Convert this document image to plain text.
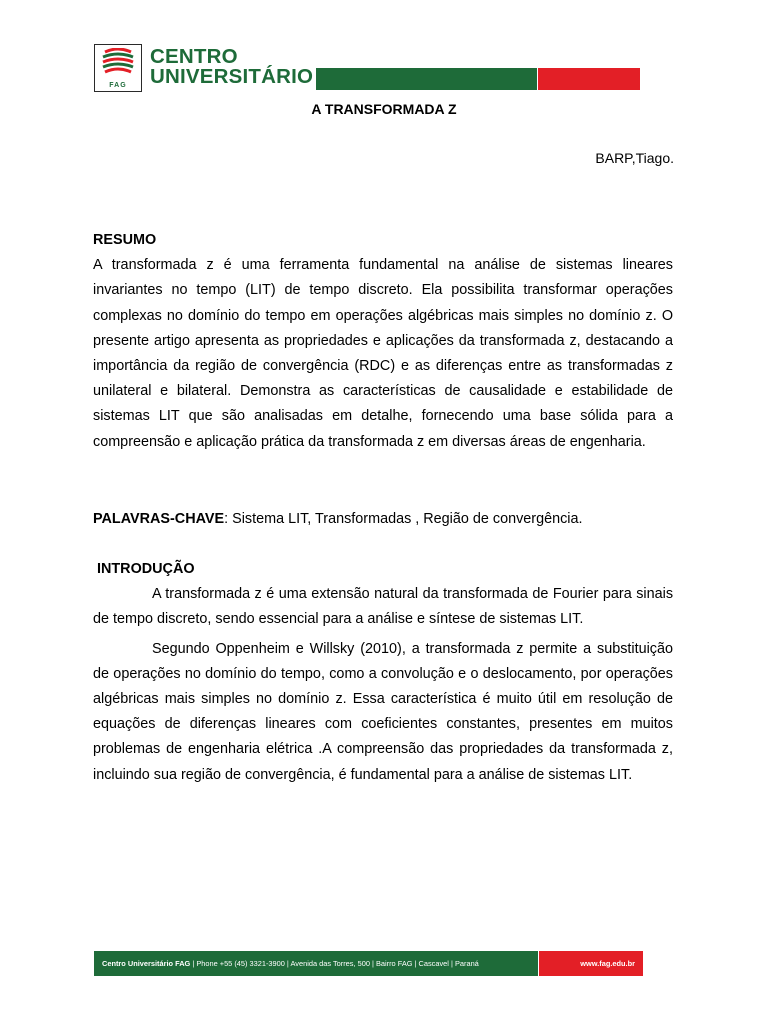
FAG
CENTRO
UNIVERSITÁRIO
A TRANSFORMADA Z
BARP,Tiago.
RESUMO
A transformada z é uma ferramenta fundamental na análise de sistemas lineares invariantes no tempo (LIT) de tempo discreto. Ela possibilita transformar operações complexas no domínio do tempo em operações algébricas mais simples no domínio z. O presente artigo apresenta as propriedades e aplicações da transformada z, destacando a importância da região de convergência (RDC) e as diferenças entre as transformadas z unilateral e bilateral. Demonstra as características de causalidade e estabilidade de sistemas LIT que são analisadas em detalhe, fornecendo uma base sólida para a compreensão e aplicação prática da transformada z em diversas áreas de engenharia.
PALAVRAS-CHAVE: Sistema LIT, Transformadas , Região de convergência.
INTRODUÇÃO
A transformada z é uma extensão natural da transformada de Fourier para sinais de tempo discreto, sendo essencial para a análise e síntese de sistemas LIT.
Segundo Oppenheim e Willsky (2010), a transformada z permite a substituição de operações no domínio do tempo, como a convolução e o deslocamento, por operações algébricas mais simples no domínio z. Essa característica é muito útil em resolução de equações de diferenças lineares com coeficientes constantes, presentes em muitos problemas de engenharia elétrica .A compreensão das propriedades da transformada z, incluindo sua região de convergência, é fundamental para a análise de sistemas LIT.
Centro Universitário FAG | Phone +55 (45) 3321-3900 | Avenida das Torres, 500 | Bairro FAG | Cascavel | Paraná	www.fag.edu.br
